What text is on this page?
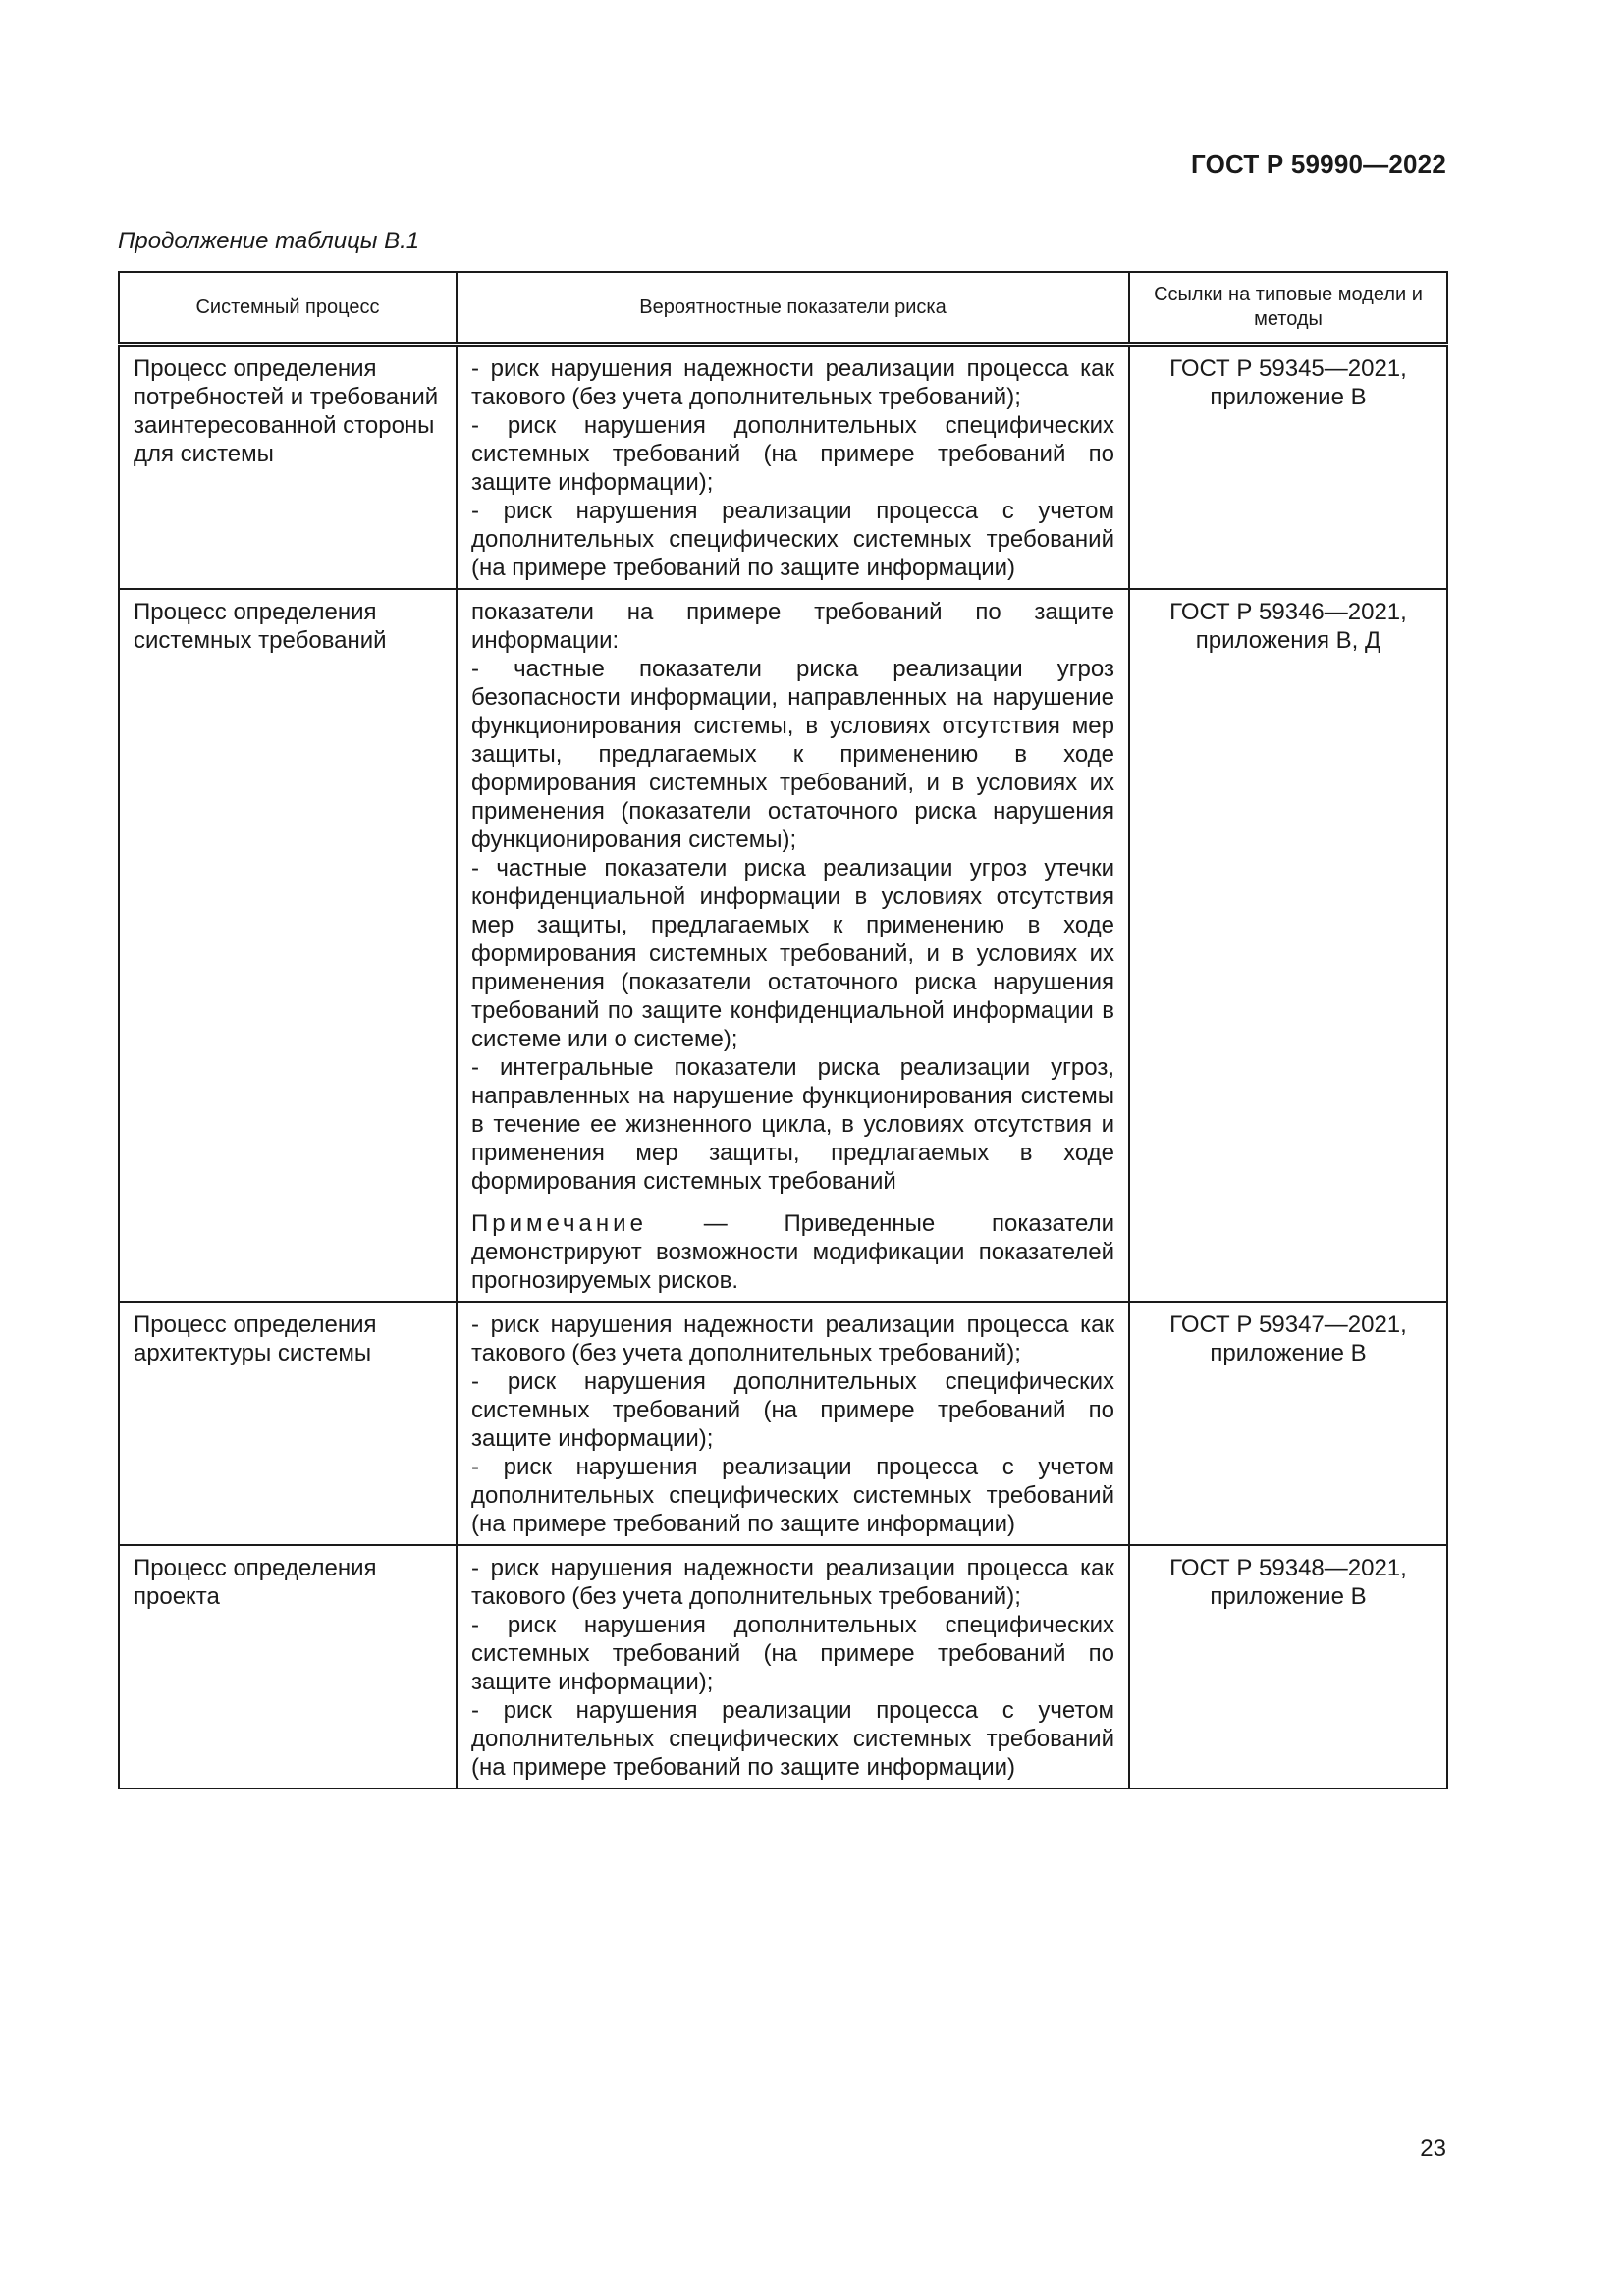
ГОСТ Р 59990—2022
Продолжение таблицы В.1
Системный процесс	Вероятностные показатели риска	Ссылки на типовые модели и методы
Процесс определения потребностей и требований заинтересованной стороны для системы	- риск нарушения надежности реализации процесса как такового (без учета дополнительных требований);
- риск нарушения дополнительных специфических системных требований (на примере требований по защите информации);
- риск нарушения реализации процесса с учетом дополнительных специфических системных требований (на примере требований по защите информации)	ГОСТ Р 59345—2021, приложение В
Процесс определения системных требований	показатели на примере требований по защите информации:
- частные показатели риска реализации угроз безопасности информации, направленных на нарушение функционирования системы, в условиях отсутствия мер защиты, предлагаемых к применению в ходе формирования системных требований, и в условиях их применения (показатели остаточного риска нарушения функционирования системы);
- частные показатели риска реализации угроз утечки конфиденциальной информации в условиях отсутствия мер защиты, предлагаемых к применению в ходе формирования системных требований, и в условиях их применения (показатели остаточного риска нарушения требований по защите конфиденциальной информации в системе или о системе);
- интегральные показатели риска реализации угроз, направленных на нарушение функционирования системы в течение ее жизненного цикла, в условиях отсутствия и применения мер защиты, предлагаемых в ходе формирования системных требований
Примечание — Приведенные показатели демонстрируют возможности модификации показателей прогнозируемых рисков.	ГОСТ Р 59346—2021, приложения В, Д
Процесс определения архитектуры системы	- риск нарушения надежности реализации процесса как такового (без учета дополнительных требований);
- риск нарушения дополнительных специфических системных требований (на примере требований по защите информации);
- риск нарушения реализации процесса с учетом дополнительных специфических системных требований (на примере требований по защите информации)	ГОСТ Р 59347—2021, приложение В
Процесс определения проекта	- риск нарушения надежности реализации процесса как такового (без учета дополнительных требований);
- риск нарушения дополнительных специфических системных требований (на примере требований по защите информации);
- риск нарушения реализации процесса с учетом дополнительных специфических системных требований (на примере требований по защите информации)	ГОСТ Р 59348—2021, приложение В
23
